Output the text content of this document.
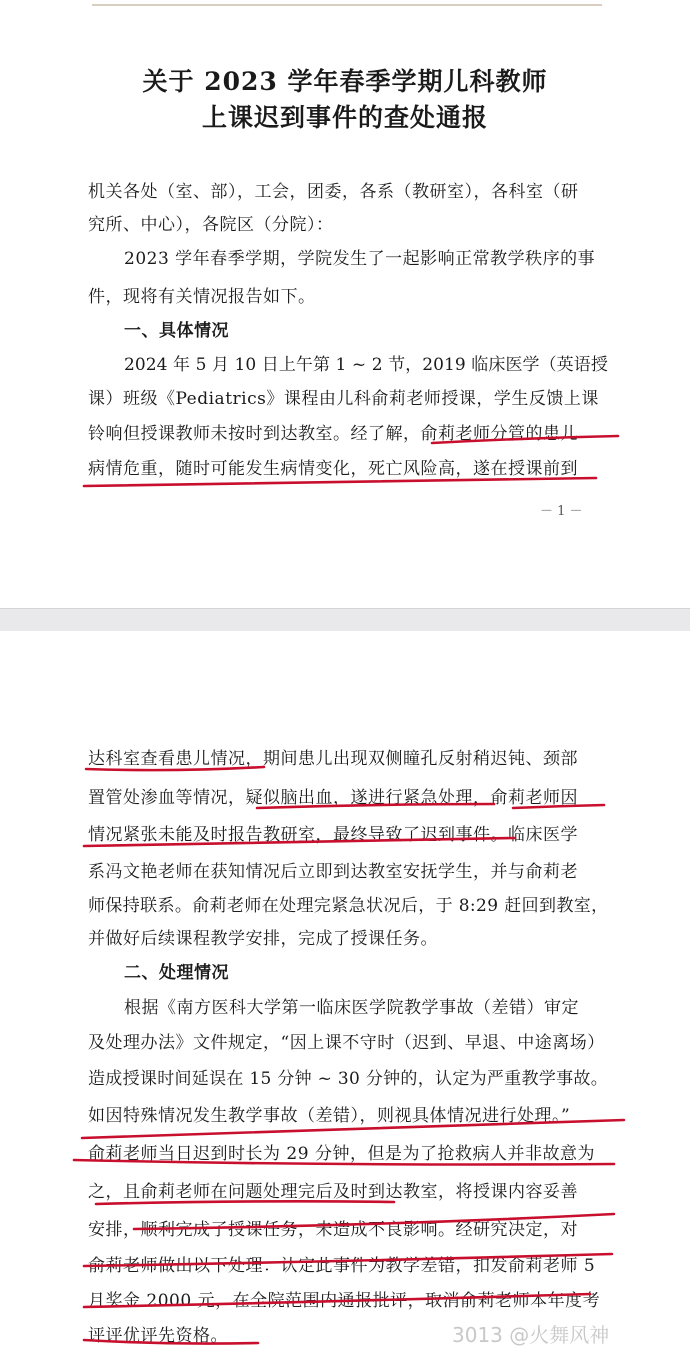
关于 2023 学年春季学期儿科教师
上课迟到事件的查处通报
机关各处（室、部），工会，团委，各系（教研室），各科室（研
究所、中心），各院区（分院）：
2023 学年春季学期，学院发生了一起影响正常教学秩序的事
件，现将有关情况报告如下。
一、具体情况
2024 年 5 月 10 日上午第 1 ~ 2 节，2019 临床医学（英语授
课）班级《Pediatrics》课程由儿科俞莉老师授课，学生反馈上课
铃响但授课教师未按时到达教室。经了解，俞莉老师分管的患儿
病情危重，随时可能发生病情变化，死亡风险高，遂在授课前到
－ 1 －
达科室查看患儿情况，期间患儿出现双侧瞳孔反射稍迟钝、颈部
置管处渗血等情况，疑似脑出血，遂进行紧急处理，俞莉老师因
情况紧张未能及时报告教研室，最终导致了迟到事件。临床医学
系冯文艳老师在获知情况后立即到达教室安抚学生，并与俞莉老
师保持联系。俞莉老师在处理完紧急状况后，于 8:29 赶回到教室，
并做好后续课程教学安排，完成了授课任务。
二、处理情况
根据《南方医科大学第一临床医学院教学事故（差错）审定
及处理办法》文件规定，“因上课不守时（迟到、早退、中途离场）
造成授课时间延误在 15 分钟 ~ 30 分钟的，认定为严重教学事故。
如因特殊情况发生教学事故（差错），则视具体情况进行处理。”
俞莉老师当日迟到时长为 29 分钟，但是为了抢救病人并非故意为
之，且俞莉老师在问题处理完后及时到达教室，将授课内容妥善
安排，顺利完成了授课任务，未造成不良影响。经研究决定，对
俞莉老师做出以下处理：认定此事件为教学差错，扣发俞莉老师 5
月奖金 2000 元，在全院范围内通报批评，取消俞莉老师本年度考
评评优评先资格。	3013 @火舞风神
